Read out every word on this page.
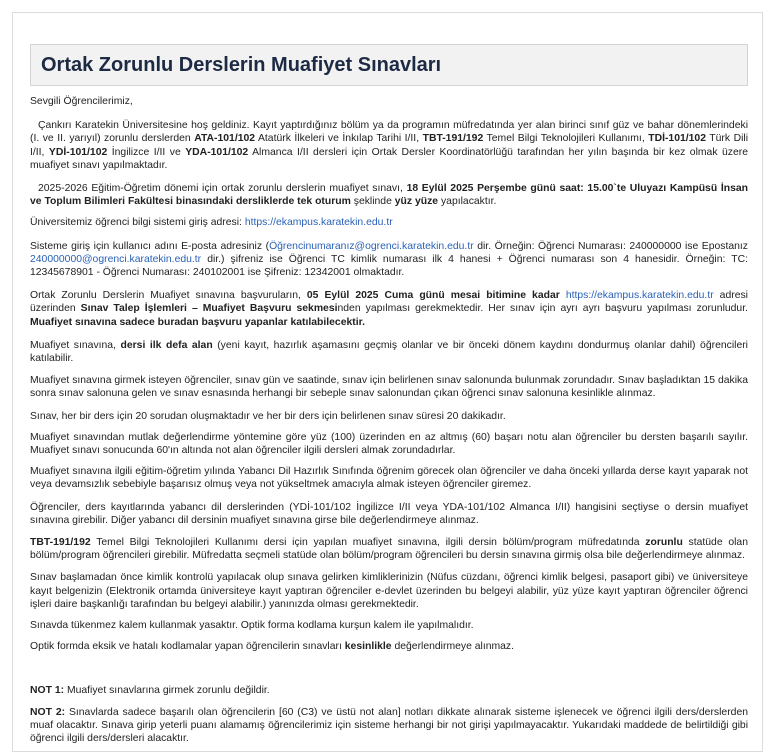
Ortak Zorunlu Derslerin Muafiyet Sınavları

Sevgili Öğrencilerimiz,

Çankırı Karatekin Üniversitesine hoş geldiniz. Kayıt yaptırdığınız bölüm ya da programın müfredatında yer alan birinci sınıf güz ve bahar dönemlerindeki (I. ve II. yarıyıl) zorunlu derslerden ATA-101/102 Atatürk İlkeleri ve İnkılap Tarihi I/II, TBT-191/192 Temel Bilgi Teknolojileri Kullanımı, TDİ-101/102 Türk Dili I/II, YDİ-101/102 İngilizce I/II ve YDA-101/102 Almanca I/II dersleri için Ortak Dersler Koordinatörlüğü tarafından her yılın başında bir kez olmak üzere muafiyet sınavı yapılmaktadır.

2025-2026 Eğitim-Öğretim dönemi için ortak zorunlu derslerin muafiyet sınavı, 18 Eylül 2025 Perşembe günü saat: 15.00`te Uluyazı Kampüsü İnsan ve Toplum Bilimleri Fakültesi binasındaki dersliklerde tek oturum şeklinde yüz yüze yapılacaktır.

Üniversitemiz öğrenci bilgi sistemi giriş adresi: https://ekampus.karatekin.edu.tr

Sisteme giriş için kullanıcı adını E-posta adresiniz (Öğrencinumaranız@ogrenci.karatekin.edu.tr dir. Örneğin: Öğrenci Numarası: 240000000 ise Epostanız 240000000@ogrenci.karatekin.edu.tr dir.) şifreniz ise Öğrenci TC kimlik numarası ilk 4 hanesi + Öğrenci numarası son 4 hanesidir. Örneğin: TC: 12345678901 - Öğrenci Numarası: 240102001 ise Şifreniz: 12342001 olmaktadır.

Ortak Zorunlu Derslerin Muafiyet sınavına başvuruların, 05 Eylül 2025 Cuma günü mesai bitimine kadar https://ekampus.karatekin.edu.tr adresi üzerinden Sınav Talep İşlemleri – Muafiyet Başvuru sekmesinden yapılması gerekmektedir. Her sınav için ayrı ayrı başvuru yapılması zorunludur. Muafiyet sınavına sadece buradan başvuru yapanlar katılabilecektir.

Muafiyet sınavına, dersi ilk defa alan (yeni kayıt, hazırlık aşamasını geçmiş olanlar ve bir önceki dönem kaydını dondurmuş olanlar dahil) öğrencileri katılabilir.

Muafiyet sınavına girmek isteyen öğrenciler, sınav gün ve saatinde, sınav için belirlenen sınav salonunda bulunmak zorundadır. Sınav başladıktan 15 dakika sonra sınav salonuna gelen ve sınav esnasında herhangi bir sebeple sınav salonundan çıkan öğrenci sınav salonuna kesinlikle alınmaz.

Sınav, her bir ders için 20 sorudan oluşmaktadır ve her bir ders için belirlenen sınav süresi 20 dakikadır.

Muafiyet sınavından mutlak değerlendirme yöntemine göre yüz (100) üzerinden en az altmış (60) başarı notu alan öğrenciler bu dersten başarılı sayılır. Muafiyet sınavı sonucunda 60'ın altında not alan öğrenciler ilgili dersleri almak zorundadırlar.

Muafiyet sınavına ilgili eğitim-öğretim yılında Yabancı Dil Hazırlık Sınıfında öğrenim görecek olan öğrenciler ve daha önceki yıllarda derse kayıt yaparak not veya devamsızlık sebebiyle başarısız olmuş veya not yükseltmek amacıyla almak isteyen öğrenciler giremez.

Öğrenciler, ders kayıtlarında yabancı dil derslerinden (YDİ-101/102 İngilizce I/II veya YDA-101/102 Almanca I/II) hangisini seçtiyse o dersin muafiyet sınavına girebilir. Diğer yabancı dil dersinin muafiyet sınavına girse bile değerlendirmeye alınmaz.

TBT-191/192 Temel Bilgi Teknolojileri Kullanımı dersi için yapılan muafiyet sınavına, ilgili dersin bölüm/program müfredatında zorunlu statüde olan bölüm/program öğrencileri girebilir. Müfredatta seçmeli statüde olan bölüm/program öğrencileri bu dersin sınavına girmiş olsa bile değerlendirmeye alınmaz.

Sınav başlamadan önce kimlik kontrolü yapılacak olup sınava gelirken kimliklerinizin (Nüfus cüzdanı, öğrenci kimlik belgesi, pasaport gibi) ve üniversiteye kayıt belgenizin (Elektronik ortamda üniversiteye kayıt yaptıran öğrenciler e-devlet üzerinden bu belgeyi alabilir, yüz yüze kayıt yaptıran öğrenciler öğrenci işleri daire başkanlığı tarafından bu belgeyi alabilir.) yanınızda olması gerekmektedir.

Sınavda tükenmez kalem kullanmak yasaktır. Optik forma kodlama kurşun kalem ile yapılmalıdır.

Optik formda eksik ve hatalı kodlamalar yapan öğrencilerin sınavları kesinlikle değerlendirmeye alınmaz.

NOT 1: Muafiyet sınavlarına girmek zorunlu değildir.

NOT 2: Sınavlarda sadece başarılı olan öğrencilerin [60 (C3) ve üstü not alan] notları dikkate alınarak sisteme işlenecek ve öğrenci ilgili ders/derslerden muaf olacaktır. Sınava girip yeterli puanı alamamış öğrencilerimiz için sisteme herhangi bir not girişi yapılmayacaktır. Yukarıdaki maddede de belirtildiği gibi öğrenci ilgili ders/dersleri alacaktır.
